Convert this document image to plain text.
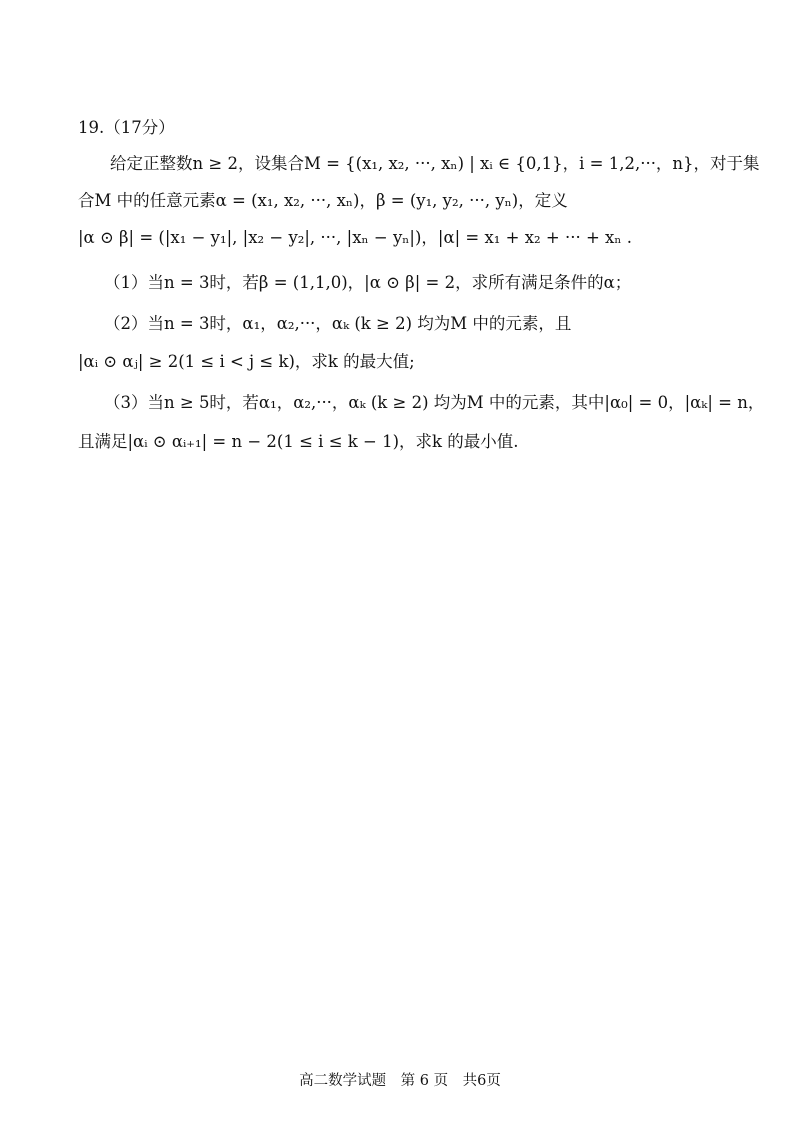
19.（17分）
给定正整数n ≥ 2，设集合M = {(x₁, x₂, ···, xₙ) | xᵢ ∈ {0,1}，i = 1,2,···，n}，对于集
合M 中的任意元素α = (x₁, x₂, ···, xₙ)，β = (y₁, y₂, ···, yₙ)，定义
|α ⊙ β| = (|x₁ − y₁|, |x₂ − y₂|, ···, |xₙ − yₙ|)，|α| = x₁ + x₂ + ··· + xₙ .
（1）当n = 3时，若β = (1,1,0)，|α ⊙ β| = 2，求所有满足条件的α；
（2）当n = 3时，α₁，α₂,···，αₖ (k ≥ 2) 均为M 中的元素，且
|αᵢ ⊙ αⱼ| ≥ 2(1 ≤ i < j ≤ k)，求k 的最大值;
（3）当n ≥ 5时，若α₁，α₂,···，αₖ (k ≥ 2) 均为M 中的元素，其中|α₀| = 0，|αₖ| = n，
且满足|αᵢ ⊙ αᵢ₊₁| = n − 2(1 ≤ i ≤ k − 1)，求k 的最小值.
高二数学试题　第 6 页　共6页
